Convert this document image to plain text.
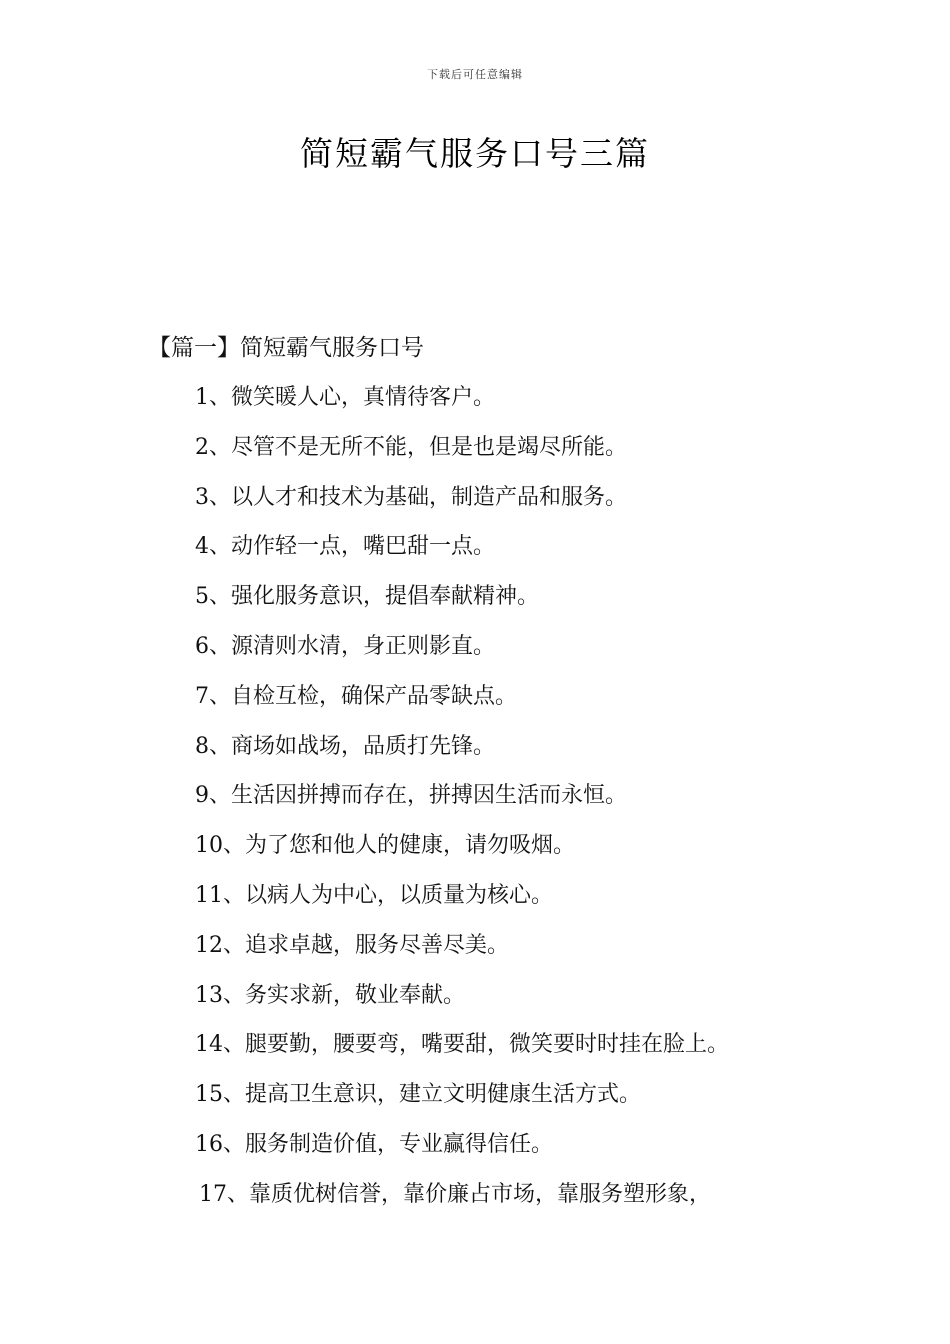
下载后可任意编辑
简短霸气服务口号三篇
【篇一】简短霸气服务口号
1、微笑暖人心，真情待客户。
2、尽管不是无所不能，但是也是竭尽所能。
3、以人才和技术为基础，制造产品和服务。
4、动作轻一点，嘴巴甜一点。
5、强化服务意识，提倡奉献精神。
6、源清则水清，身正则影直。
7、自检互检，确保产品零缺点。
8、商场如战场，品质打先锋。
9、生活因拼搏而存在，拼搏因生活而永恒。
10、为了您和他人的健康，请勿吸烟。
11、以病人为中心，以质量为核心。
12、追求卓越，服务尽善尽美。
13、务实求新，敬业奉献。
14、腿要勤，腰要弯，嘴要甜，微笑要时时挂在脸上。
15、提高卫生意识，建立文明健康生活方式。
16、服务制造价值，专业赢得信任。
17、靠质优树信誉，靠价廉占市场，靠服务塑形象，
